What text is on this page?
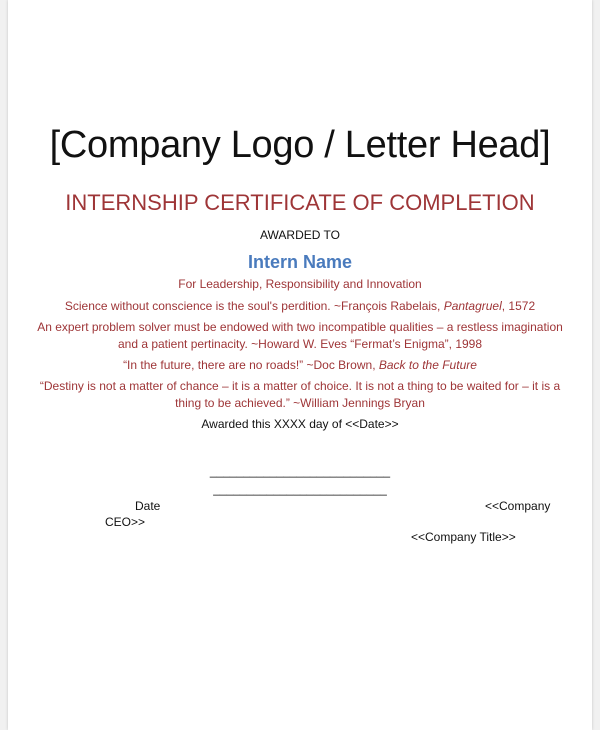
[Company Logo / Letter Head]

INTERNSHIP CERTIFICATE OF COMPLETION

AWARDED TO

Intern Name

For Leadership, Responsibility and Innovation

Science without conscience is the soul's perdition. ~François Rabelais, Pantagruel, 1572

An expert problem solver must be endowed with two incompatible qualities – a restless imagination
and a patient pertinacity. ~Howard W. Eves “Fermat’s Enigma”, 1998

“In the future, there are no roads!” ~Doc Brown, Back to the Future

“Destiny is not a matter of chance – it is a matter of choice. It is not a thing to be waited for – it is a
thing to be achieved.” ~William Jennings Bryan

Awarded this XXXX day of <<Date>>

___________________________

__________________________

Date	<<Company

CEO>>

<<Company Title>>
